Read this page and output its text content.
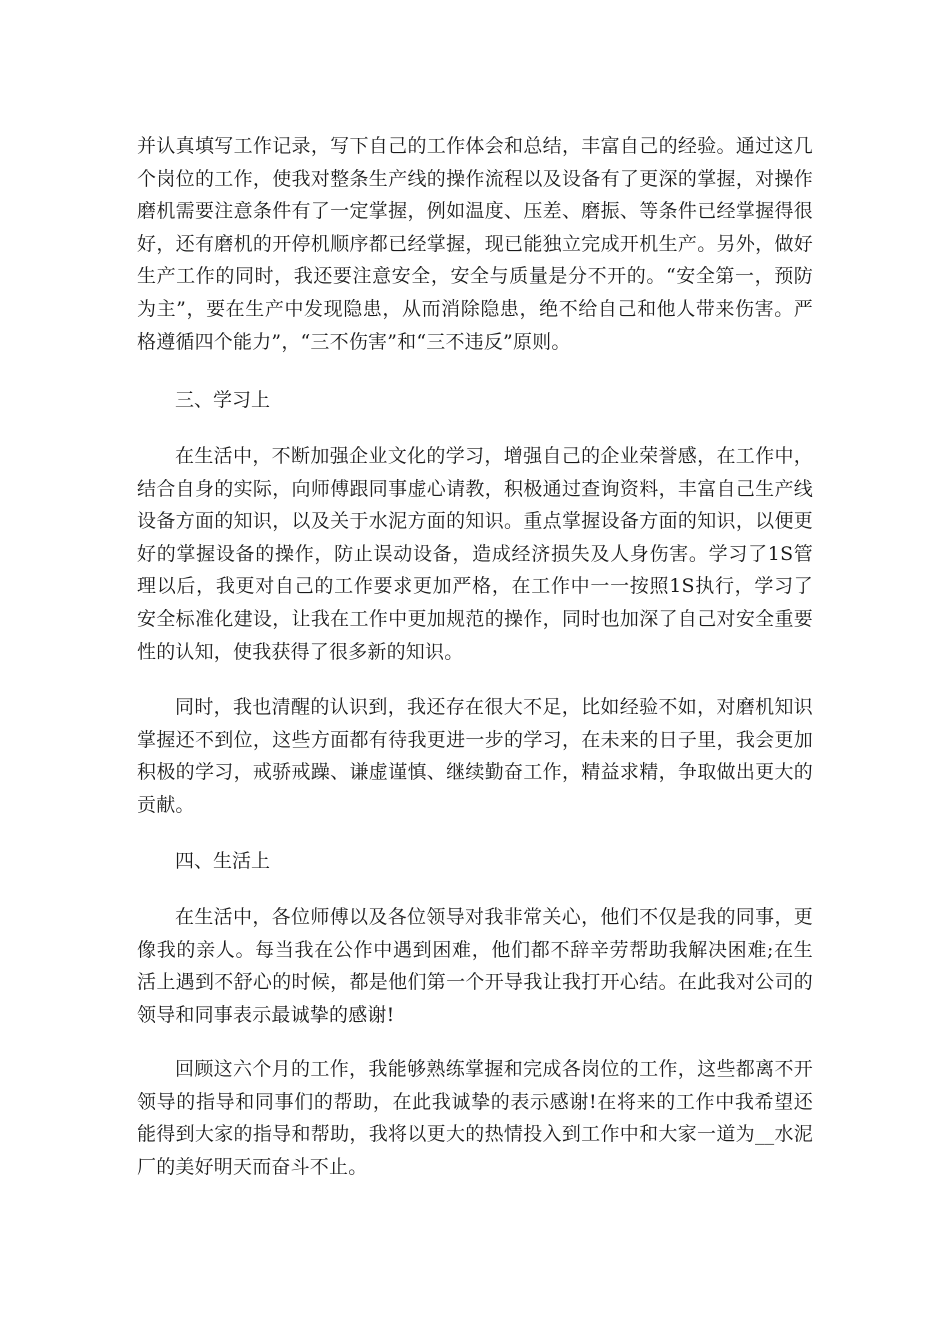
并认真填写工作记录，写下自己的工作体会和总结，丰富自己的经验。通过这几个岗位的工作，使我对整条生产线的操作流程以及设备有了更深的掌握，对操作磨机需要注意条件有了一定掌握，例如温度、压差、磨振、等条件已经掌握得很好，还有磨机的开停机顺序都已经掌握，现已能独立完成开机生产。另外，做好生产工作的同时，我还要注意安全，安全与质量是分不开的。“安全第一，预防为主”，要在生产中发现隐患，从而消除隐患，绝不给自己和他人带来伤害。严格遵循四个能力”，“三不伤害”和“三不违反”原则。

三、学习上

在生活中，不断加强企业文化的学习，增强自己的企业荣誉感，在工作中，结合自身的实际，向师傅跟同事虚心请教，积极通过查询资料，丰富自己生产线设备方面的知识，以及关于水泥方面的知识。重点掌握设备方面的知识，以便更好的掌握设备的操作，防止误动设备，造成经济损失及人身伤害。学习了1S管理以后，我更对自己的工作要求更加严格，在工作中一一按照1S执行，学习了安全标准化建设，让我在工作中更加规范的操作，同时也加深了自己对安全重要性的认知，使我获得了很多新的知识。

同时，我也清醒的认识到，我还存在很大不足，比如经验不如，对磨机知识掌握还不到位，这些方面都有待我更进一步的学习，在未来的日子里，我会更加积极的学习，戒骄戒躁、谦虚谨慎、继续勤奋工作，精益求精，争取做出更大的贡献。

四、生活上

在生活中，各位师傅以及各位领导对我非常关心，他们不仅是我的同事，更像我的亲人。每当我在公作中遇到困难，他们都不辞辛劳帮助我解决困难;在生活上遇到不舒心的时候，都是他们第一个开导我让我打开心结。在此我对公司的领导和同事表示最诚挚的感谢!

回顾这六个月的工作，我能够熟练掌握和完成各岗位的工作，这些都离不开领导的指导和同事们的帮助，在此我诚挚的表示感谢!在将来的工作中我希望还能得到大家的指导和帮助，我将以更大的热情投入到工作中和大家一道为__水泥厂的美好明天而奋斗不止。
